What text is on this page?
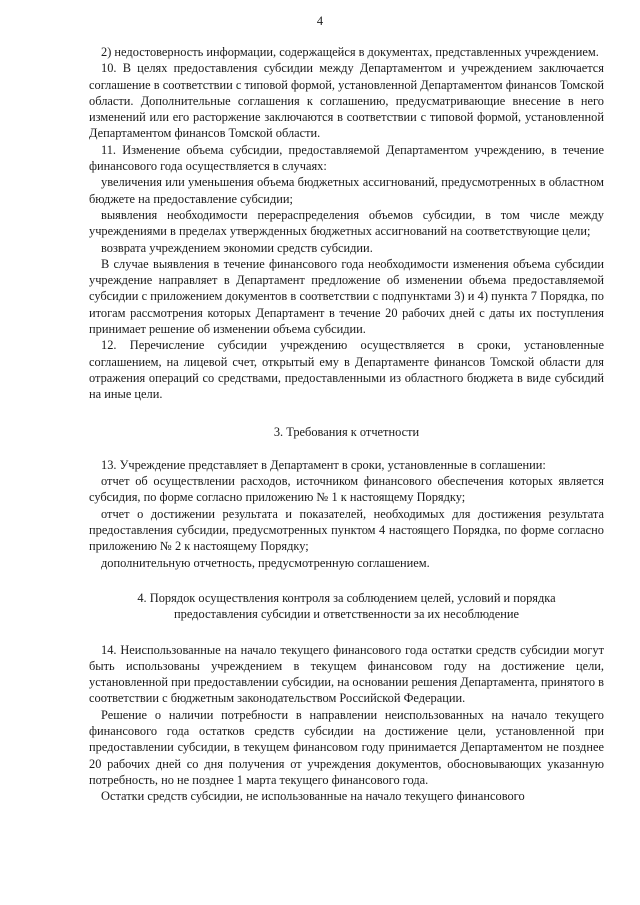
4

2) недостоверность информации, содержащейся в документах, представленных учреждением.

10. В целях предоставления субсидии между Департаментом и учреждением заключается соглашение в соответствии с типовой формой, установленной Департаментом финансов Томской области. Дополнительные соглашения к соглашению, предусматривающие внесение в него изменений или его расторжение заключаются в соответствии с типовой формой, установленной Департаментом финансов Томской области.

11. Изменение объема субсидии, предоставляемой Департаментом учреждению, в течение финансового года осуществляется в случаях:

увеличения или уменьшения объема бюджетных ассигнований, предусмотренных в областном бюджете на предоставление субсидии;

выявления необходимости перераспределения объемов субсидии, в том числе между учреждениями в пределах утвержденных бюджетных ассигнований на соответствующие цели;

возврата учреждением экономии средств субсидии.

В случае выявления в течение финансового года необходимости изменения объема субсидии учреждение направляет в Департамент предложение об изменении объема предоставляемой субсидии с приложением документов в соответствии с подпунктами 3) и 4) пункта 7 Порядка, по итогам рассмотрения которых Департамент в течение 20 рабочих дней с даты их поступления принимает решение об изменении объема субсидии.

12. Перечисление субсидии учреждению осуществляется в сроки, установленные соглашением, на лицевой счет, открытый ему в Департаменте финансов Томской области для отражения операций со средствами, предоставленными из областного бюджета в виде субсидий на иные цели.

3. Требования к отчетности

13. Учреждение представляет в Департамент в сроки, установленные в соглашении:

отчет об осуществлении расходов, источником финансового обеспечения которых является субсидия, по форме согласно приложению № 1 к настоящему Порядку;

отчет о достижении результата и показателей, необходимых для достижения результата предоставления субсидии, предусмотренных пунктом 4 настоящего Порядка, по форме согласно приложению № 2 к настоящему Порядку;

дополнительную отчетность, предусмотренную соглашением.

4. Порядок осуществления контроля за соблюдением целей, условий и порядка
предоставления субсидии и ответственности за их несоблюдение

14. Неиспользованные на начало текущего финансового года остатки средств субсидии могут быть использованы учреждением в текущем финансовом году на достижение цели, установленной при предоставлении субсидии, на основании решения Департамента, принятого в соответствии с бюджетным законодательством Российской Федерации.

Решение о наличии потребности в направлении неиспользованных на начало текущего финансового года остатков средств субсидии на достижение цели, установленной при предоставлении субсидии, в текущем финансовом году принимается Департаментом не позднее 20 рабочих дней со дня получения от учреждения документов, обосновывающих указанную потребность, но не позднее 1 марта текущего финансового года.

Остатки средств субсидии, не использованные на начало текущего финансового
